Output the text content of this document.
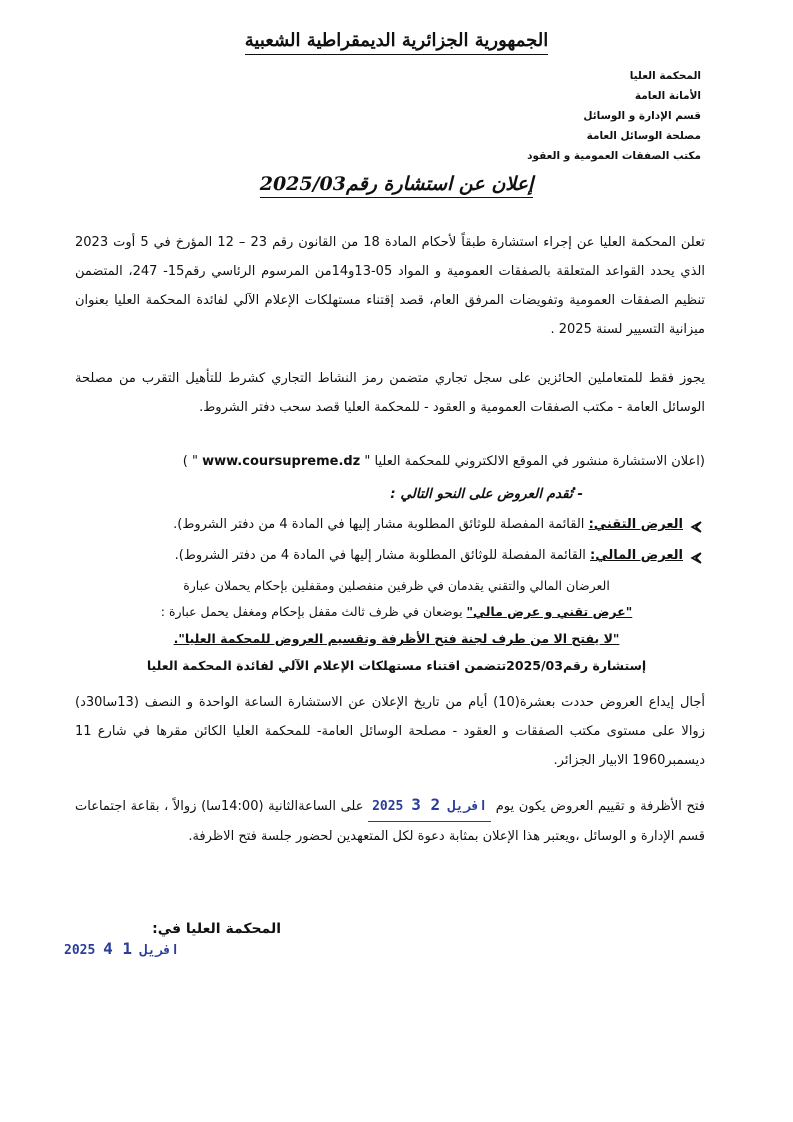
الجمهورية الجزائرية الديمقراطية الشعبية
المحكمة العليا
الأمانة العامة
قسم الإدارة و الوسائل
مصلحة الوسائل العامة
مكتب الصفقات العمومية و العقود
إعلان عن استشارة رقم2025/03
تعلن المحكمة العليا عن إجراء استشارة طبقاً لأحكام المادة 18 من القانون رقم 23 – 12 المؤرخ في 5 أوت 2023 الذي يحدد القواعد المتعلقة بالصفقات العمومية و المواد 05-13و14من المرسوم الرئاسي رقم15- 247، المتضمن تنظيم الصفقات العمومية وتفويضات المرفق العام، قصد إقتناء مستهلكات الإعلام الآلي لفائدة المحكمة العليا بعنوان ميزانية التسيير لسنة 2025 .
يجوز فقط للمتعاملين الحائزين على سجل تجاري متضمن رمز النشاط التجاري كشرط للتأهيل التقرب من مصلحة الوسائل العامة - مكتب الصفقات العمومية و العقود - للمحكمة العليا قصد سحب دفتر الشروط.
(اعلان الاستشارة منشور في الموقع الالكتروني للمحكمة العليا " www.coursupreme.dz " )
- تُقدم العروض على النحو التالي :
العرض التقني: القائمة المفصلة للوثائق المطلوبة مشار إليها في المادة 4 من دفتر الشروط).
العرض المالي: القائمة المفصلة للوثائق المطلوبة مشار إليها في المادة 4 من دفتر الشروط).
العرضان المالي والتقني يقدمان في ظرفين منفصلين ومقفلين بإحكام يحملان عبارة
"عرض تقني و عرض مالي" يوضعان في ظرف ثالث مقفل بإحكام ومغفل يحمل عبارة :
"لا يفتح الا من طرف لجنة فتح الأظرفة وتقسيم العروض للمحكمة العليا".
إستشارة رقم2025/03تتضمن اقتناء مستهلكات الإعلام الآلي لفائدة المحكمة العليا
أجال إيداع العروض حددت بعشرة(10) أيام من تاريخ الإعلان عن الاستشارة الساعة الواحدة و النصف (13سا30د) زوالا على مستوى مكتب الصفقات و العقود - مصلحة الوسائل العامة- للمحكمة العليا الكائن مقرها في شارع 11 ديسمبر1960 الابيار الجزائر.
فتح الأظرفة و تقييم العروض يكون يوم 2025	افريل 2 3 على الساعةالثانية (14:00سا) زوالاً ، بقاعة اجتماعات قسم الإدارة و الوسائل ،ويعتبر هذا الإعلان بمثابة دعوة لكل المتعهدين لحضور جلسة فتح الاظرفة.
المحكمة العليا في:
2025	افريل 1 4
